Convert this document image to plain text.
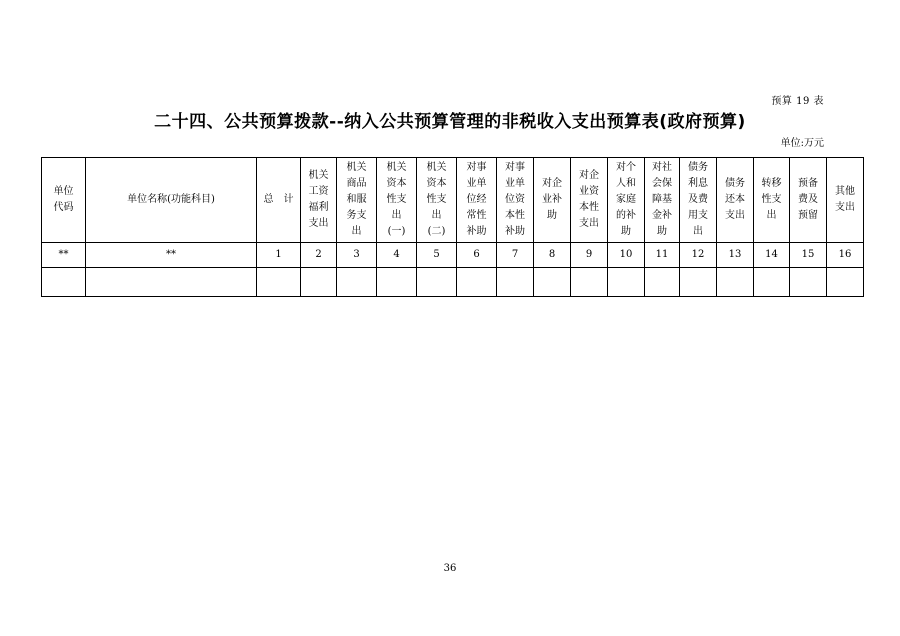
预算 19 表
二十四、公共预算拨款--纳入公共预算管理的非税收入支出预算表(政府预算)
单位:万元
单位
代码	单位名称(功能科目)	总　计	机关
工资
福利
支出	机关
商品
和服
务支
出	机关
资本
性支
出
(一)	机关
资本
性支
出
(二)	对事
业单
位经
常性
补助	对事
业单
位资
本性
补助	对企
业补
助	对企
业资
本性
支出	对个
人和
家庭
的补
助	对社
会保
障基
金补
助	债务
利息
及费
用支
出	债务
还本
支出	转移
性支
出	预备
费及
预留	其他
支出
**	**	1	2	3	4	5	6	7	8	9	10	11	12	13	14	15	16

36
